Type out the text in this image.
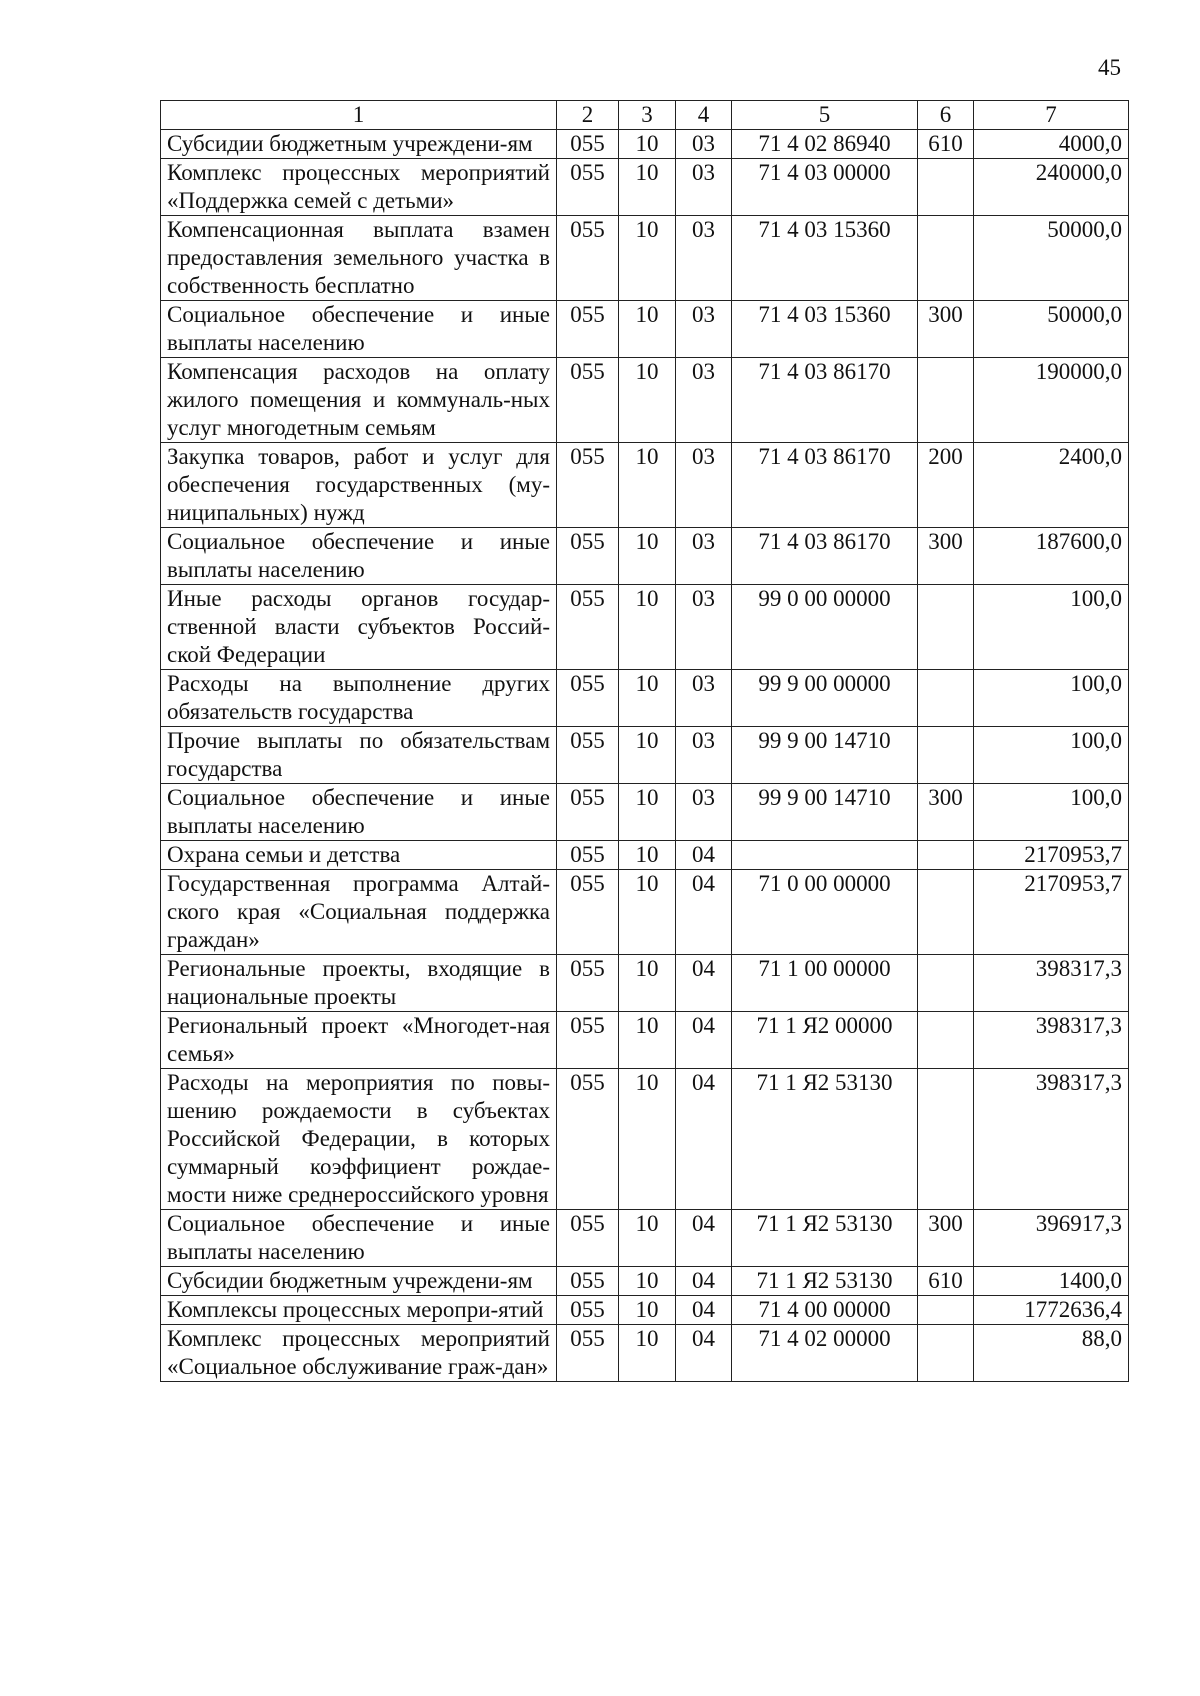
45
1	2	3	4	5	6	7
Субсидии бюджетным учреждени-ям	055	10	03	71 4 02 86940	610	4000,0
Комплекс процессных мероприятий «Поддержка семей с детьми»	055	10	03	71 4 03 00000		240000,0
Компенсационная выплата взамен предоставления земельного участка в собственность бесплатно	055	10	03	71 4 03 15360		50000,0
Социальное обеспечение и иные выплаты населению	055	10	03	71 4 03 15360	300	50000,0
Компенсация расходов на оплату жилого помещения и коммуналь-ных услуг многодетным семьям	055	10	03	71 4 03 86170		190000,0
Закупка товаров, работ и услуг для обеспечения государственных (му-ниципальных) нужд	055	10	03	71 4 03 86170	200	2400,0
Социальное обеспечение и иные выплаты населению	055	10	03	71 4 03 86170	300	187600,0
Иные расходы органов государ-ственной власти субъектов Россий-ской Федерации	055	10	03	99 0 00 00000		100,0
Расходы на выполнение других обязательств государства	055	10	03	99 9 00 00000		100,0
Прочие выплаты по обязательствам государства	055	10	03	99 9 00 14710		100,0
Социальное обеспечение и иные выплаты населению	055	10	03	99 9 00 14710	300	100,0
Охрана семьи и детства	055	10	04			2170953,7
Государственная программа Алтай-ского края «Социальная поддержка граждан»	055	10	04	71 0 00 00000		2170953,7
Региональные проекты, входящие в национальные проекты	055	10	04	71 1 00 00000		398317,3
Региональный проект «Многодет-ная семья»	055	10	04	71 1 Я2 00000		398317,3
Расходы на мероприятия по повы-шению рождаемости в субъектах Российской Федерации, в которых суммарный коэффициент рождае-мости ниже среднероссийского уровня	055	10	04	71 1 Я2 53130		398317,3
Социальное обеспечение и иные выплаты населению	055	10	04	71 1 Я2 53130	300	396917,3
Субсидии бюджетным учреждени-ям	055	10	04	71 1 Я2 53130	610	1400,0
Комплексы процессных меропри-ятий	055	10	04	71 4 00 00000		1772636,4
Комплекс процессных мероприятий «Социальное обслуживание граж-дан»	055	10	04	71 4 02 00000		88,0
